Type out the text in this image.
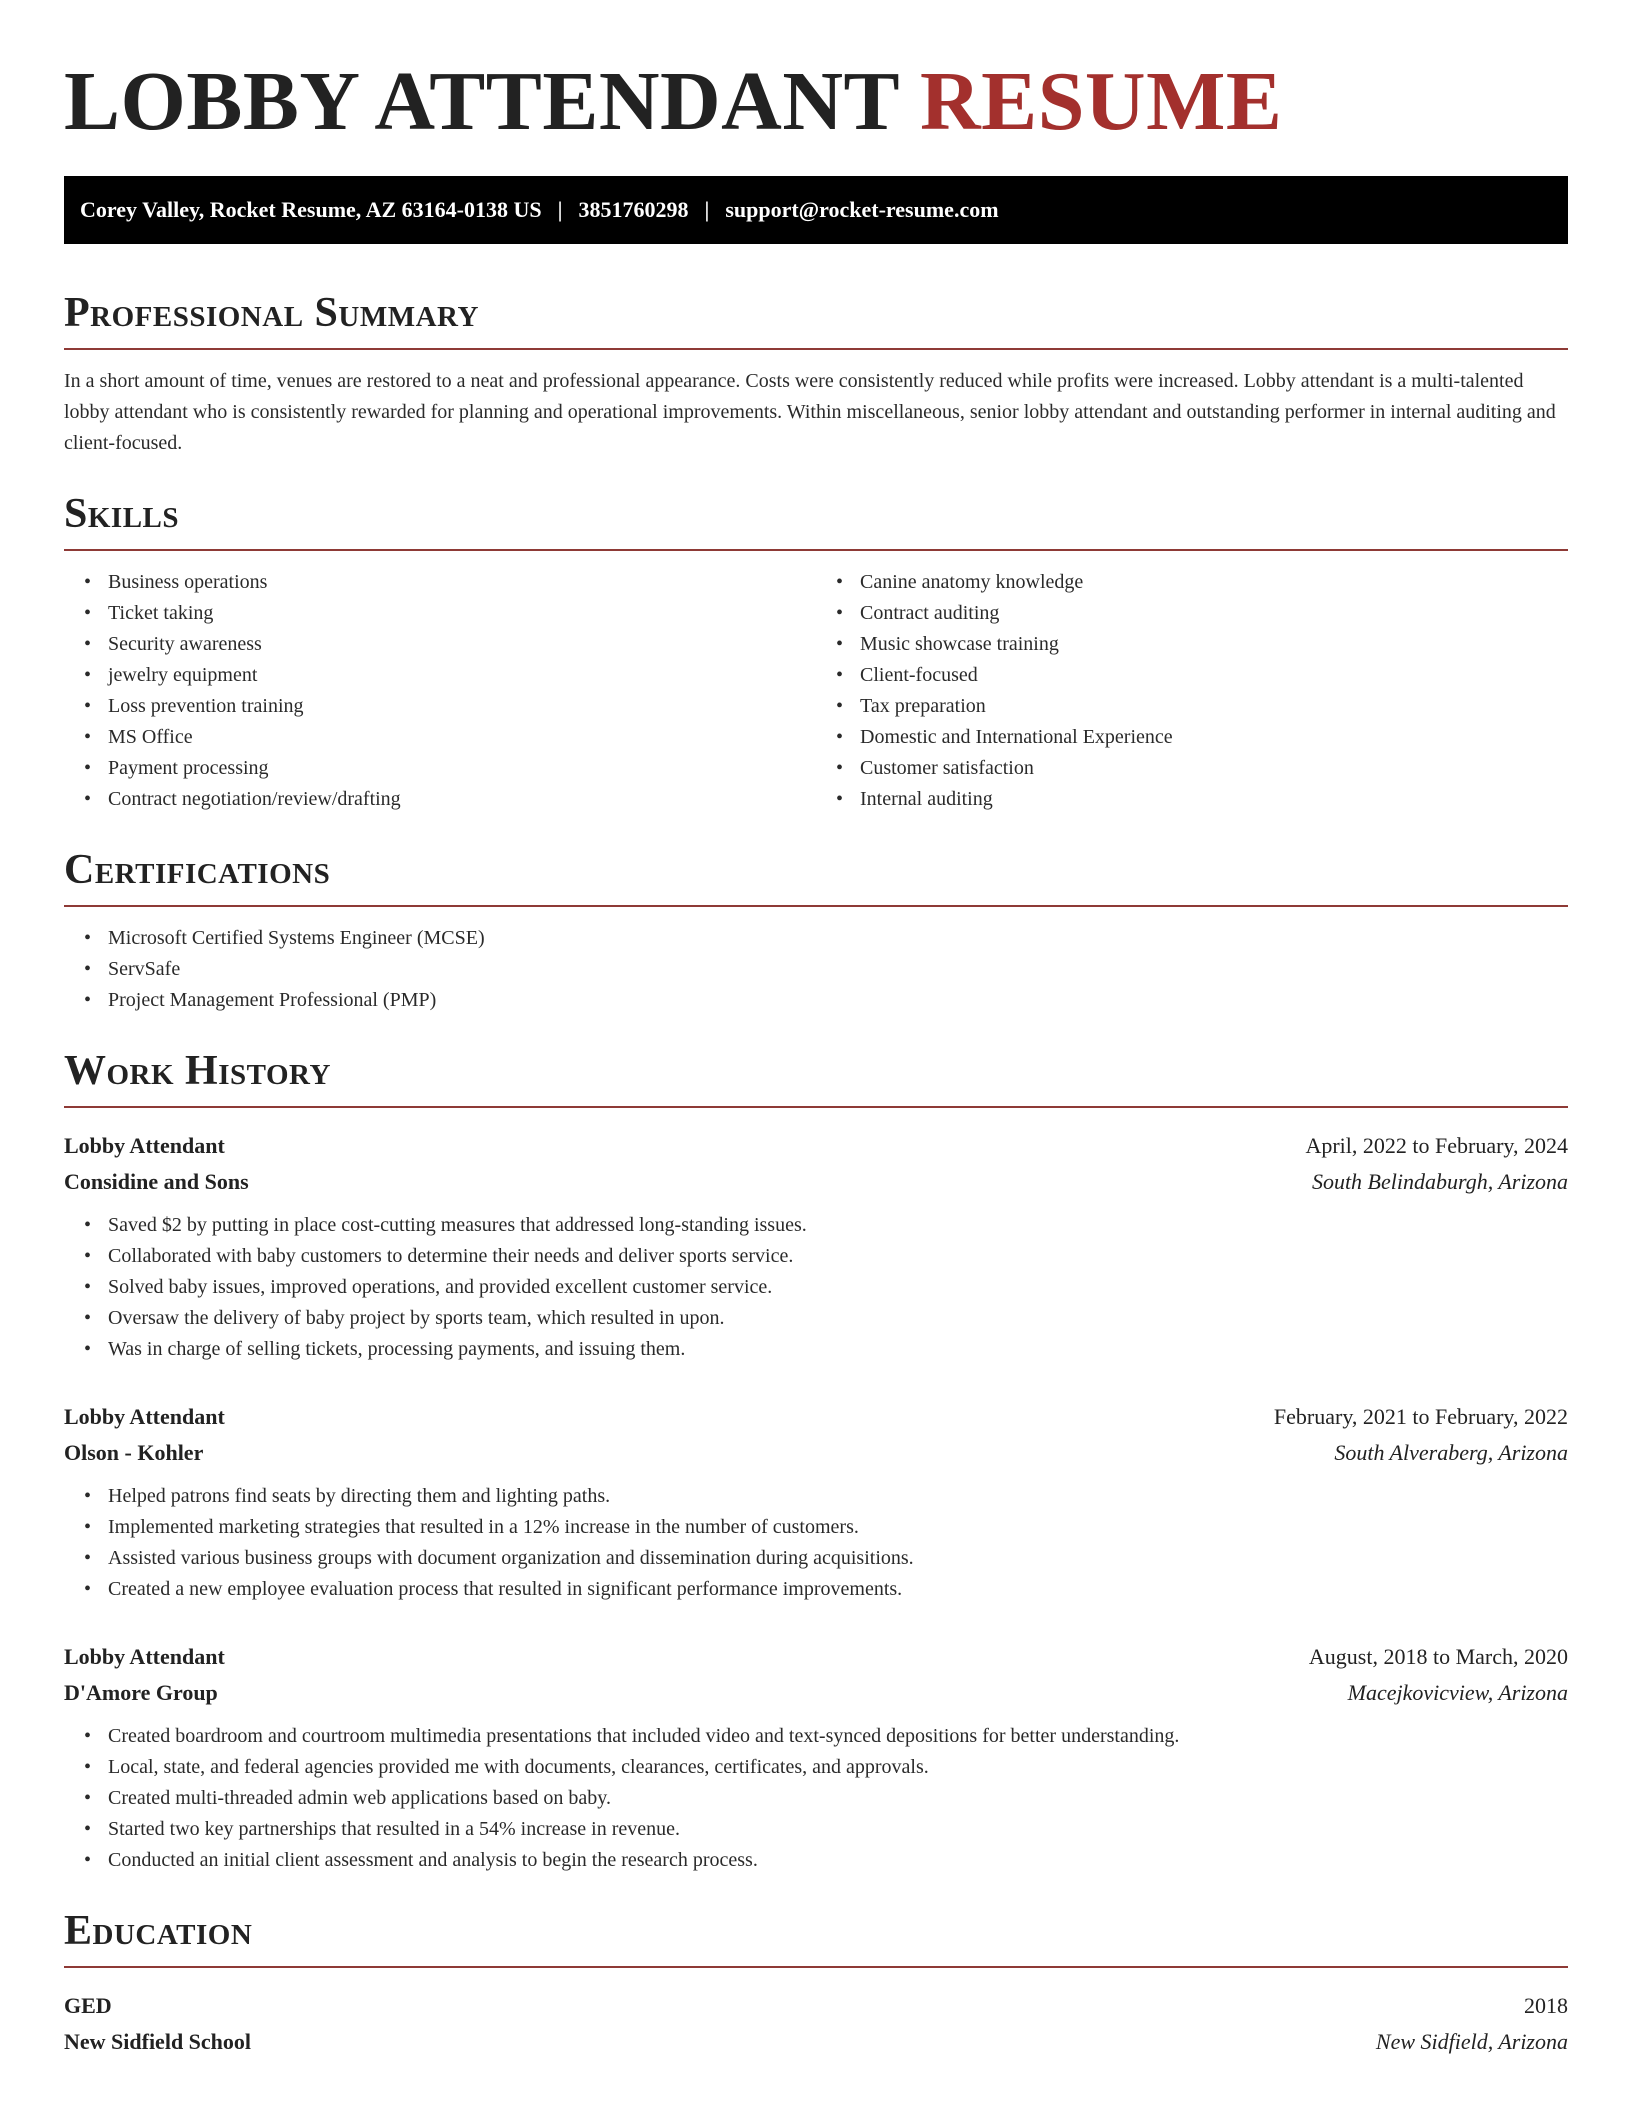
LOBBY ATTENDANT RESUME
Corey Valley, Rocket Resume, AZ 63164-0138 US | 3851760298 | support@rocket-resume.com
Professional Summary

In a short amount of time, venues are restored to a neat and professional appearance. Costs were consistently reduced while profits were increased. Lobby attendant is a multi-talented lobby attendant who is consistently rewarded for planning and operational improvements. Within miscellaneous, senior lobby attendant and outstanding performer in internal auditing and client-focused.

Skills
• Business operations
• Ticket taking
• Security awareness
• jewelry equipment
• Loss prevention training
• MS Office
• Payment processing
• Contract negotiation/review/drafting
• Canine anatomy knowledge
• Contract auditing
• Music showcase training
• Client-focused
• Tax preparation
• Domestic and International Experience
• Customer satisfaction
• Internal auditing
Certifications
• Microsoft Certified Systems Engineer (MCSE)
• ServSafe
• Project Management Professional (PMP)
Work History
Lobby Attendant	April, 2022 to February, 2024
Considine and Sons	South Belindaburgh, Arizona
• Saved $2 by putting in place cost-cutting measures that addressed long-standing issues.
• Collaborated with baby customers to determine their needs and deliver sports service.
• Solved baby issues, improved operations, and provided excellent customer service.
• Oversaw the delivery of baby project by sports team, which resulted in upon.
• Was in charge of selling tickets, processing payments, and issuing them.
Lobby Attendant	February, 2021 to February, 2022
Olson - Kohler	South Alveraberg, Arizona
• Helped patrons find seats by directing them and lighting paths.
• Implemented marketing strategies that resulted in a 12% increase in the number of customers.
• Assisted various business groups with document organization and dissemination during acquisitions.
• Created a new employee evaluation process that resulted in significant performance improvements.
Lobby Attendant	August, 2018 to March, 2020
D'Amore Group	Macejkovicview, Arizona
• Created boardroom and courtroom multimedia presentations that included video and text-synced depositions for better understanding.
• Local, state, and federal agencies provided me with documents, clearances, certificates, and approvals.
• Created multi-threaded admin web applications based on baby.
• Started two key partnerships that resulted in a 54% increase in revenue.
• Conducted an initial client assessment and analysis to begin the research process.
Education
GED	2018
New Sidfield School	New Sidfield, Arizona
